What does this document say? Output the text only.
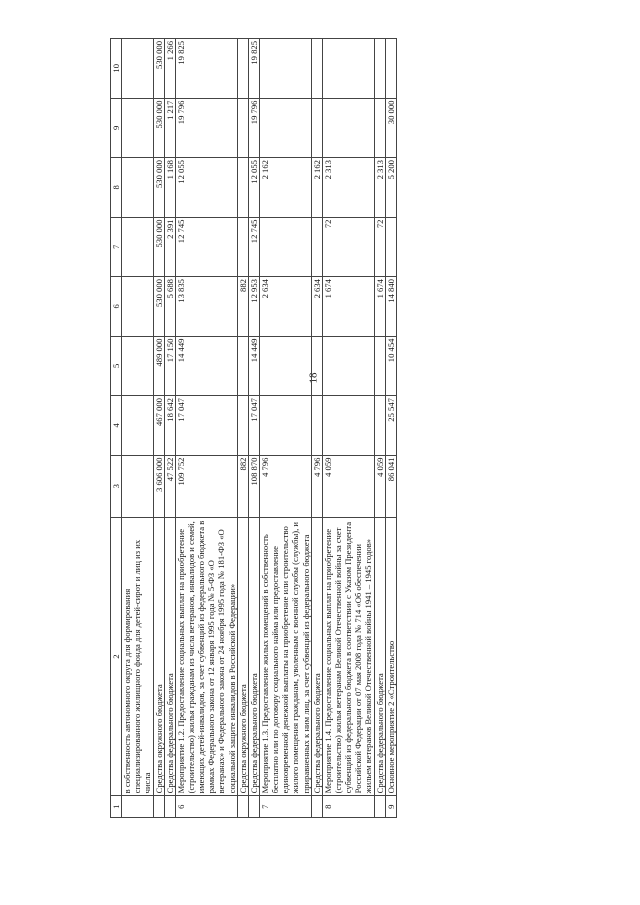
18
1	2	3	4	5	6	7	8	9	10
	в собственность автономного округа для формирования специализированного жилищного фонда для детей-сирот и лиц из их числа								
	Средства окружного бюджета	3 606 000	467 000	489 000	530 000	530 000	530 000	530 000	530 000
	Средства федерального бюджета	47 522	18 642	17 150	5 688	2 391	1 168	1 217	1 266
6	Мероприятие 1.2. Предоставление социальных выплат на приобретение (строительство) жилья гражданам из числа ветеранов, инвалидов и семей, имеющих детей-инвалидов, за счет субвенций из федерального бюджета в рамках Федерального закона от 12 января 1995 года № 5-ФЗ «О ветеранах» и Федерального закона от 24 ноября 1995 года № 181-ФЗ «О социальной защите инвалидов в Российской Федерации»	109 752	17 047	14 449	13 835	12 745	12 055	19 796	19 825
	Средства окружного бюджета	882			882				
	Средства федерального бюджета	108 870	17 047	14 449	12 953	12 745	12 055	19 796	19 825
7	Мероприятие 1.3. Предоставление жилых помещений в собственность бесплатно или по договору социального найма или предоставление единовременной денежной выплаты на приобретение или строительство жилого помещения гражданам, уволенным с военной службы (службы), и приравненных к ним лиц, за счет субвенций из федерального бюджета	4 796			2 634		2 162		
	Средства федерального бюджета	4 796			2 634		2 162		
8	Мероприятие 1.4. Предоставление социальных выплат на приобретение (строительство) жилья ветеранам Великой Отечественной войны за счет субвенций из федерального бюджета в соответствии с Указом Президента Российской Федерации от 07 мая 2008 года № 714 «Об обеспечении жильем ветеранов Великой Отечественной войны 1941 – 1945 годов»	4 059			1 674	72	2 313		
	Средства федерального бюджета	4 059			1 674	72	2 313		
9	Основное мероприятие 2 «Строительство	86 041	25 547	10 454	14 840		5 200	30 000	
